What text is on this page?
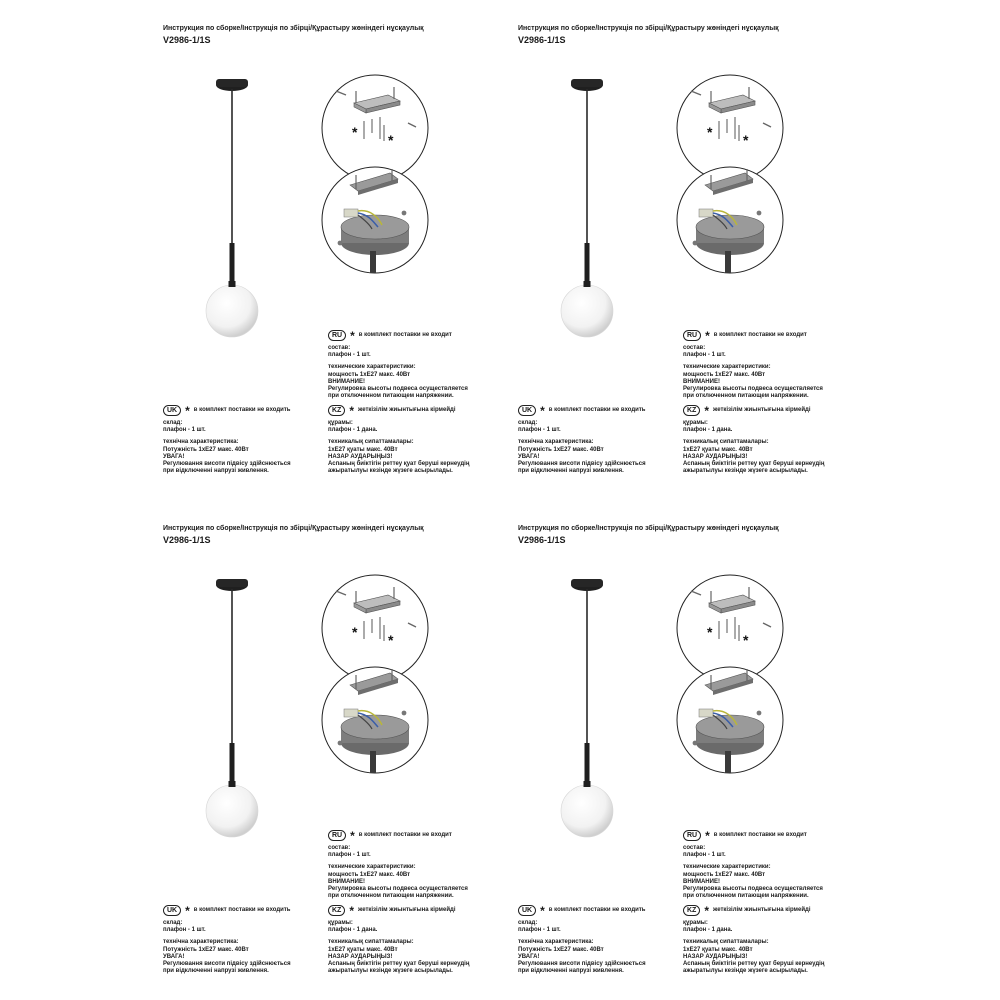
Инструкция по сборке/Інструкція по збірці/Құрастыру жөніндегі нұсқаулық
V2986-1/1S
* *
RU * в комплект поставки не входит
состав:
плафон - 1 шт.
технические характеристики:
мощность 1хЕ27 макс. 40Вт
ВНИМАНИЕ!
Регулировка высоты подвеса осуществляется
при отключенном питающем напряжении.
UK * в комплект поставки не входить
склад:
плафон - 1 шт.
технічна характеристика:
Потужність 1хЕ27 макс. 40Вт
УВАГА!
Регулювання висоти підвісу здійснюється
при відключенні напрузі живлення.
KZ * жеткізілім жиынтығына кірмейді
құрамы:
плафон - 1 дана.
техникалық сипаттамалары:
1хЕ27 қуаты макс. 40Вт
НАЗАР АУДАРЫҢЫЗ!
Аспаның биіктігін реттеу қуат беруші кернеудің
ажыратылуы кезінде жүзеге асырылады.
Инструкция по сборке/Інструкція по збірці/Құрастыру жөніндегі нұсқаулық
V2986-1/1S
* *
RU * в комплект поставки не входит
состав:
плафон - 1 шт.
технические характеристики:
мощность 1хЕ27 макс. 40Вт
ВНИМАНИЕ!
Регулировка высоты подвеса осуществляется
при отключенном питающем напряжении.
UK * в комплект поставки не входить
склад:
плафон - 1 шт.
технічна характеристика:
Потужність 1хЕ27 макс. 40Вт
УВАГА!
Регулювання висоти підвісу здійснюється
при відключенні напрузі живлення.
KZ * жеткізілім жиынтығына кірмейді
құрамы:
плафон - 1 дана.
техникалық сипаттамалары:
1хЕ27 қуаты макс. 40Вт
НАЗАР АУДАРЫҢЫЗ!
Аспаның биіктігін реттеу қуат беруші кернеудің
ажыратылуы кезінде жүзеге асырылады.
Инструкция по сборке/Інструкція по збірці/Құрастыру жөніндегі нұсқаулық
V2986-1/1S
* *
RU * в комплект поставки не входит
состав:
плафон - 1 шт.
технические характеристики:
мощность 1хЕ27 макс. 40Вт
ВНИМАНИЕ!
Регулировка высоты подвеса осуществляется
при отключенном питающем напряжении.
UK * в комплект поставки не входить
склад:
плафон - 1 шт.
технічна характеристика:
Потужність 1хЕ27 макс. 40Вт
УВАГА!
Регулювання висоти підвісу здійснюється
при відключенні напрузі живлення.
KZ * жеткізілім жиынтығына кірмейді
құрамы:
плафон - 1 дана.
техникалық сипаттамалары:
1хЕ27 қуаты макс. 40Вт
НАЗАР АУДАРЫҢЫЗ!
Аспаның биіктігін реттеу қуат беруші кернеудің
ажыратылуы кезінде жүзеге асырылады.
Инструкция по сборке/Інструкція по збірці/Құрастыру жөніндегі нұсқаулық
V2986-1/1S
* *
RU * в комплект поставки не входит
состав:
плафон - 1 шт.
технические характеристики:
мощность 1хЕ27 макс. 40Вт
ВНИМАНИЕ!
Регулировка высоты подвеса осуществляется
при отключенном питающем напряжении.
UK * в комплект поставки не входить
склад:
плафон - 1 шт.
технічна характеристика:
Потужність 1хЕ27 макс. 40Вт
УВАГА!
Регулювання висоти підвісу здійснюється
при відключенні напрузі живлення.
KZ * жеткізілім жиынтығына кірмейді
құрамы:
плафон - 1 дана.
техникалық сипаттамалары:
1хЕ27 қуаты макс. 40Вт
НАЗАР АУДАРЫҢЫЗ!
Аспаның биіктігін реттеу қуат беруші кернеудің
ажыратылуы кезінде жүзеге асырылады.
